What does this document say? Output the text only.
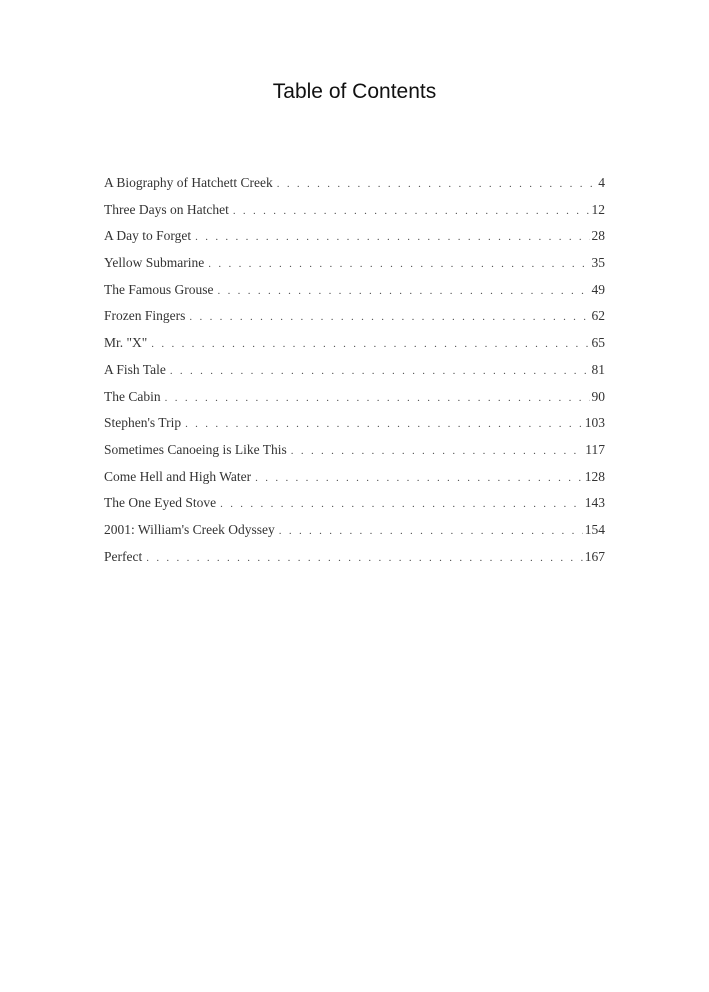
Table of Contents
A Biography of Hatchett Creek . . .	4
Three Days on Hatchet . . .	12
A Day to Forget . . .	28
Yellow Submarine . . .	35
The Famous Grouse . . .	49
Frozen Fingers . . .	62
Mr. "X" . . .	65
A Fish Tale . . .	81
The Cabin . . .	90
Stephen's Trip . . .	103
Sometimes Canoeing is Like This . . .	117
Come Hell and High Water . . .	128
The One Eyed Stove . . .	143
2001: William's Creek Odyssey . . .	154
Perfect . . .	167
